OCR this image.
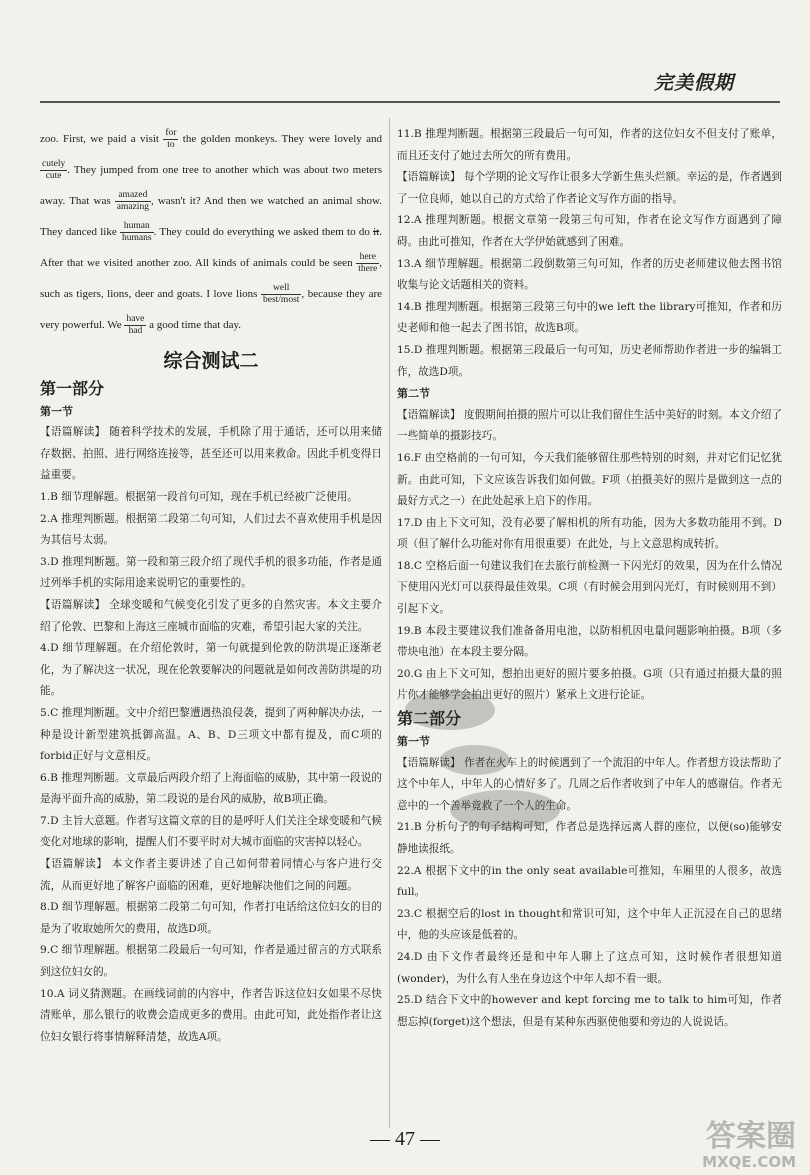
完美假期

zoo. First, we paid a visit
for
to the golden monkeys. They were lovely and
cutely
cute . They jumped from one tree to another which was about two meters away. That was
amazed
amazing , wasn't it? And then we watched an animal show. They danced like
human
humans . They could do everything we asked them to do it. After that we visited another zoo. All kinds of animals could be seen
here
there , such as tigers, lions, deer and goats. I love lions
well
best/most , because they are very powerful. We
have
had a good time that day.

综合测试二
第一部分
第一节

【语篇解读】 随着科学技术的发展，手机除了用于通话，还可以用来储存数据、拍照、进行网络连接等，甚至还可以用来救命。因此手机变得日益重要。

1.B 细节理解题。根据第一段首句可知，现在手机已经被广泛使用。

2.A 推理判断题。根据第二段第二句可知，人们过去不喜欢使用手机是因为其信号太弱。

3.D 推理判断题。第一段和第三段介绍了现代手机的很多功能，作者是通过列举手机的实际用途来说明它的重要性的。

【语篇解读】 全球变暖和气候变化引发了更多的自然灾害。本文主要介绍了伦敦、巴黎和上海这三座城市面临的灾难，希望引起大家的关注。

4.D 细节理解题。在介绍伦敦时，第一句就提到伦敦的防洪堤正逐渐老化，为了解决这一状况，现在伦敦要解决的问题就是如何改善防洪堤的功能。

5.C 推理判断题。文中介绍巴黎遭遇热浪侵袭，提到了两种解决办法，一种是设计新型建筑抵御高温。A、B、D三项文中都有提及，而C项的forbid正好与文意相反。

6.B 推理判断题。文章最后两段介绍了上海面临的威胁，其中第一段说的是海平面升高的威胁，第二段说的是台风的威胁，故B项正确。

7.D 主旨大意题。作者写这篇文章的目的是呼吁人们关注全球变暖和气候变化对地球的影响，提醒人们不要平时对大城市面临的灾害掉以轻心。

【语篇解读】 本文作者主要讲述了自己如何带着同情心与客户进行交流，从而更好地了解客户面临的困难，更好地解决他们之间的问题。

8.D 细节理解题。根据第二段第二句可知，作者打电话给这位妇女的目的是为了收取她所欠的费用，故选D项。

9.C 细节理解题。根据第二段最后一句可知，作者是通过留言的方式联系到这位妇女的。

10.A 词义猜测题。在画线词前的内容中，作者告诉这位妇女如果不尽快清账单，那么银行的收费会造成更多的费用。由此可知，此处指作者让这位妇女银行将事情解释清楚，故选A项。

11.B 推理判断题。根据第三段最后一句可知，作者的这位妇女不但支付了账单，而且还支付了她过去所欠的所有费用。

【语篇解读】 每个学期的论文写作让很多大学新生焦头烂额。幸运的是，作者遇到了一位良师，她以自己的方式给了作者论文写作方面的指导。

12.A 推理判断题。根据文章第一段第三句可知，作者在论文写作方面遇到了障碍。由此可推知，作者在大学伊始就感到了困难。

13.A 细节理解题。根据第二段倒数第三句可知，作者的历史老师建议他去图书馆收集与论文话题相关的资料。

14.B 推理判断题。根据第三段第三句中的we left the library可推知，作者和历史老师和他一起去了图书馆，故选B项。

15.D 推理判断题。根据第三段最后一句可知，历史老师帮助作者进一步的编辑工作，故选D项。

第二节

【语篇解读】 度假期间拍摄的照片可以让我们留住生活中美好的时刻。本文介绍了一些简单的摄影技巧。

16.F 由空格前的一句可知，今天我们能够留住那些特别的时刻，并对它们记忆犹新。由此可知，下文应该告诉我们如何做。F项（拍摄美好的照片是做到这一点的最好方式之一）在此处起承上启下的作用。

17.D 由上下文可知，没有必要了解相机的所有功能，因为大多数功能用不到。D项（但了解什么功能对你有用很重要）在此处，与上文意思构成转折。

18.C 空格后面一句建议我们在去旅行前检测一下闪光灯的效果，因为在什么情况下使用闪光灯可以获得最佳效果。C项（有时候会用到闪光灯，有时候则用不到）引起下文。

19.B 本段主要建议我们准备备用电池，以防相机因电量问题影响拍摄。B项（多带块电池）在本段主要分隔。

20.G 由上下文可知，想拍出更好的照片要多拍摄。G项（只有通过拍摄大量的照片你才能够学会拍出更好的照片）紧承上文进行论证。

第二部分
第一节

【语篇解读】 作者在火车上的时候遇到了一个流泪的中年人。作者想方设法帮助了这个中年人，中年人的心情好多了。几周之后作者收到了中年人的感谢信。作者无意中的一个善举竟救了一个人的生命。

21.B 分析句子的句子结构可知，作者总是选择远离人群的座位，以便(so)能够安静地读报纸。

22.A 根据下文中的in the only seat available可推知，车厢里的人很多，故选full。

23.C 根据空后的lost in thought和常识可知，这个中年人正沉浸在自己的思绪中，他的头应该是低着的。

24.D 由下文作者最终还是和中年人聊上了这点可知，这时候作者很想知道(wonder)，为什么有人坐在身边这个中年人却不看一眼。

25.D 结合下文中的however and kept forcing me to talk to him可知，作者想忘掉(forget)这个想法，但是有某种东西驱使他要和旁边的人说说话。

— 47 —	答案圈
MXQE.COM
